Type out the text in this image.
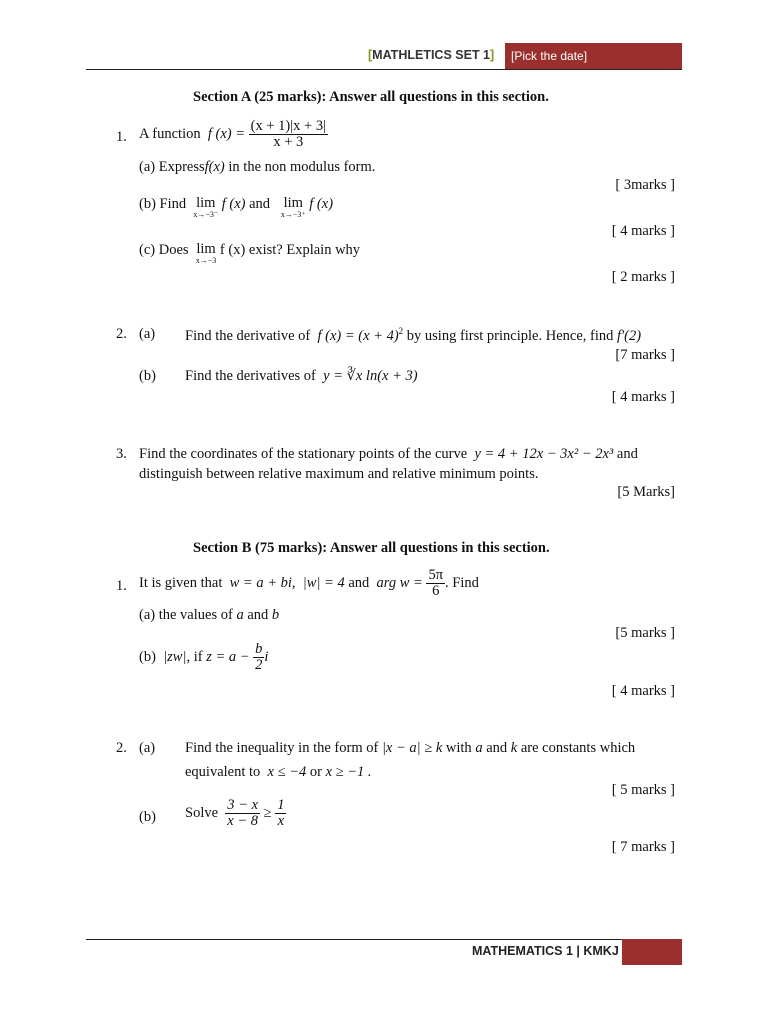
[MATHLETICS SET 1]	[Pick the date]
Section A (25 marks): Answer all questions in this section.
1. A function f $(x) = \frac{(x + 1)|x + 3|}{x + 3}$
(a) Expressf(x) in the non modulus form.
[ 3marks ]
(b) Find lim
x→−3⁻
f (x) and lim
x→−3⁺
f (x)
[ 4 marks ]
(c) Does lim
x→−3
f (x) exist? Explain why
[ 2 marks ]
2. (a) Find the derivative of f $(x) = (x + 4)^2$ by using first principle. Hence, find f'(2)
[7 marks ]
(b) Find the derivatives of y = ∛x ln(x + 3)
[ 4 marks ]
3. Find the coordinates of the stationary points of the curve y = 4 + 12x − 3x² − 2x³ and
distinguish between relative maximum and relative minimum points.
[5 Marks]
Section B (75 marks): Answer all questions in this section.
1. It is given that w = a + bi, |w| = 4 and arg $w = \frac{5\pi}{6}$ . Find
(a) the values of a and b
[5 marks ]
(b) |zw|, if $z = a - \frac{b}{2}$ i
[ 4 marks ]
2. (a) Find the inequality in the form of |x − a| ≥ k with a and k are constants which
equivalent to x ≤ −4 or x ≥ −1 .
[ 5 marks ]
(b) Solve $\frac{3 - x}{x - 8} \ge \frac{1}{x}$
[ 7 marks ]
MATHEMATICS 1 | KMKJ
